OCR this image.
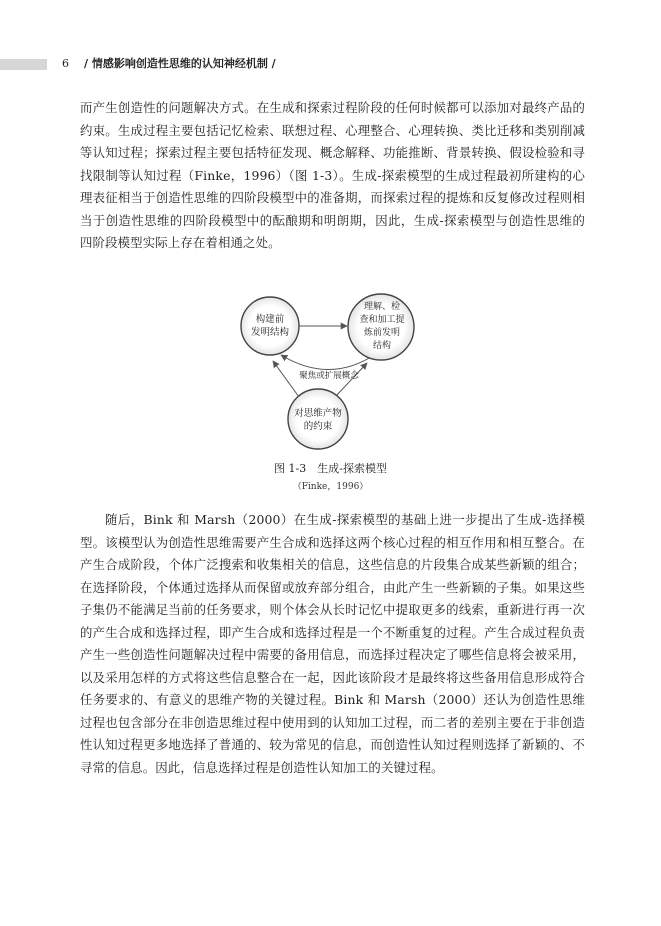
6 / 情感影响创造性思维的认知神经机制 /

而产生创造性的问题解决方式。在生成和探索过程阶段的任何时候都可以添加对最终产品的约束。生成过程主要包括记忆检索、联想过程、心理整合、心理转换、类比迁移和类别削减等认知过程；探索过程主要包括特征发现、概念解释、功能推断、背景转换、假设检验和寻找限制等认知过程（Finke，1996）（图 1-3）。生成-探索模型的生成过程最初所建构的心理表征相当于创造性思维的四阶段模型中的准备期，而探索过程的提炼和反复修改过程则相当于创造性思维的四阶段模型中的酝酿期和明朗期，因此，生成-探索模型与创造性思维的四阶段模型实际上存在着相通之处。

构建前
发明结构
理解、检
查和加工提
炼前发明
结构
聚焦或扩展概念
对思维产物
的约束
图 1-3　生成-探索模型
（Finke，1996）

随后，Bink 和 Marsh（2000）在生成-探索模型的基础上进一步提出了生成-选择模型。该模型认为创造性思维需要产生合成和选择这两个核心过程的相互作用和相互整合。在产生合成阶段，个体广泛搜索和收集相关的信息，这些信息的片段集合成某些新颖的组合；在选择阶段，个体通过选择从而保留或放弃部分组合，由此产生一些新颖的子集。如果这些子集仍不能满足当前的任务要求，则个体会从长时记忆中提取更多的线索，重新进行再一次的产生合成和选择过程，即产生合成和选择过程是一个不断重复的过程。产生合成过程负责产生一些创造性问题解决过程中需要的备用信息，而选择过程决定了哪些信息将会被采用，以及采用怎样的方式将这些信息整合在一起，因此该阶段才是最终将这些备用信息形成符合任务要求的、有意义的思维产物的关键过程。Bink 和 Marsh（2000）还认为创造性思维过程也包含部分在非创造思维过程中使用到的认知加工过程，而二者的差别主要在于非创造性认知过程更多地选择了普通的、较为常见的信息，而创造性认知过程则选择了新颖的、不寻常的信息。因此，信息选择过程是创造性认知加工的关键过程。
